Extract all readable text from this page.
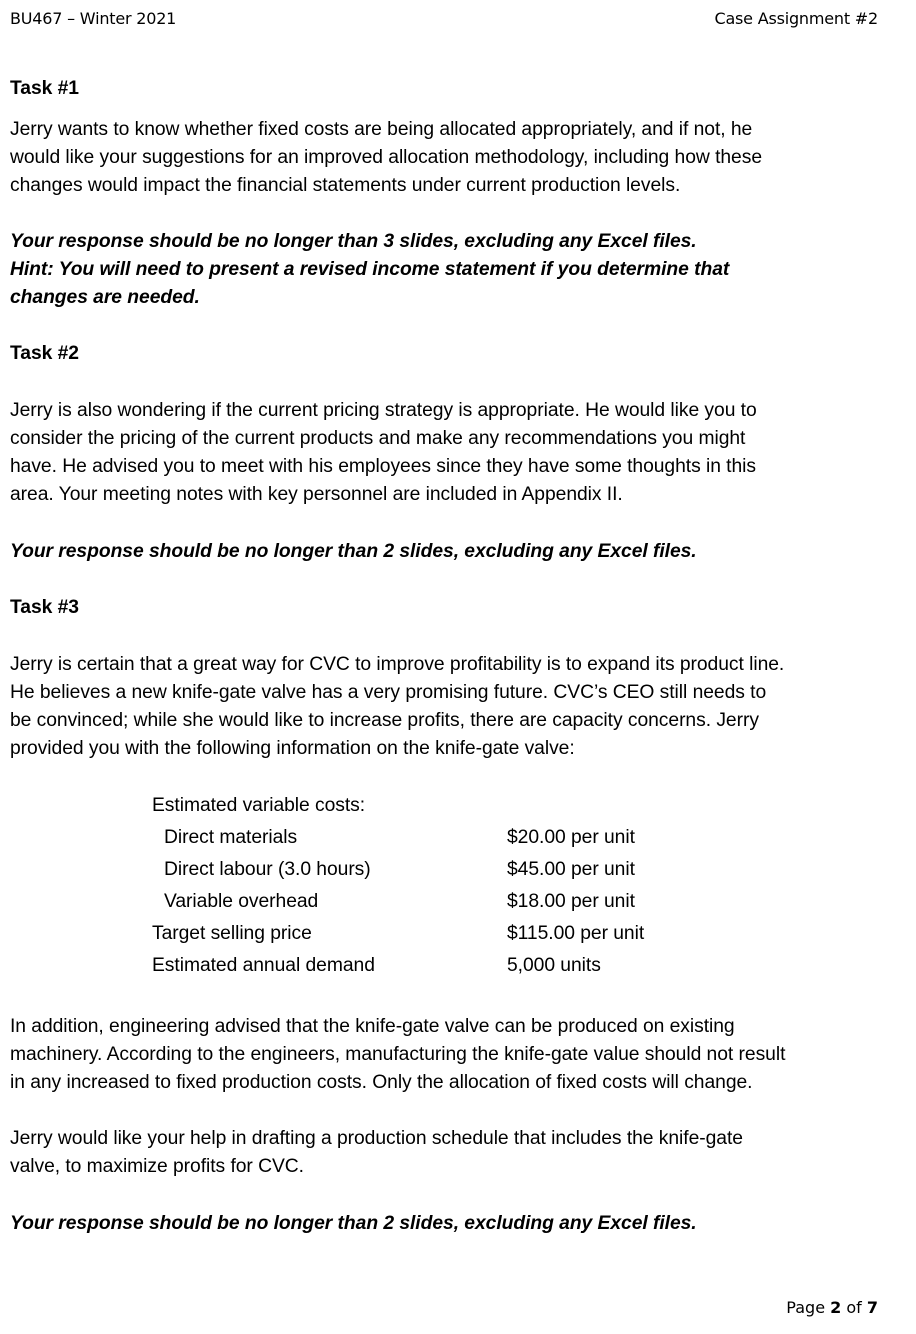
BU467 – Winter 2021	Case Assignment #2
Task #1
Jerry wants to know whether fixed costs are being allocated appropriately, and if not, he
would like your suggestions for an improved allocation methodology, including how these
changes would impact the financial statements under current production levels.
Your response should be no longer than 3 slides, excluding any Excel files.
Hint: You will need to present a revised income statement if you determine that
changes are needed.
Task #2
Jerry is also wondering if the current pricing strategy is appropriate. He would like you to
consider the pricing of the current products and make any recommendations you might
have. He advised you to meet with his employees since they have some thoughts in this
area. Your meeting notes with key personnel are included in Appendix II.
Your response should be no longer than 2 slides, excluding any Excel files.
Task #3
Jerry is certain that a great way for CVC to improve profitability is to expand its product line.
He believes a new knife-gate valve has a very promising future. CVC’s CEO still needs to
be convinced; while she would like to increase profits, there are capacity concerns. Jerry
provided you with the following information on the knife-gate valve:
Estimated variable costs:
Direct materials	$20.00 per unit
Direct labour (3.0 hours)	$45.00 per unit
Variable overhead	$18.00 per unit
Target selling price	$115.00 per unit
Estimated annual demand	5,000 units
In addition, engineering advised that the knife-gate valve can be produced on existing
machinery. According to the engineers, manufacturing the knife-gate value should not result
in any increased to fixed production costs. Only the allocation of fixed costs will change.
Jerry would like your help in drafting a production schedule that includes the knife-gate
valve, to maximize profits for CVC.
Your response should be no longer than 2 slides, excluding any Excel files.
Page 2 of 7
